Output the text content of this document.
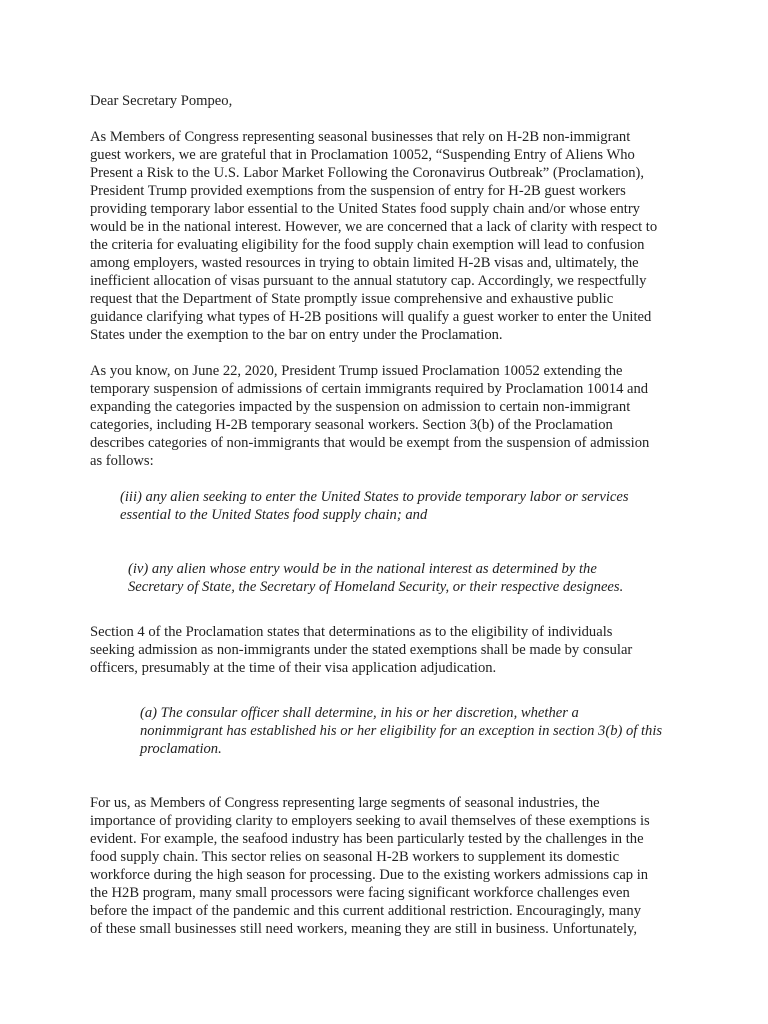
Dear Secretary Pompeo,
As Members of Congress representing seasonal businesses that rely on H-2B non-immigrant
guest workers, we are grateful that in Proclamation 10052, “Suspending Entry of Aliens Who
Present a Risk to the U.S. Labor Market Following the Coronavirus Outbreak” (Proclamation),
President Trump provided exemptions from the suspension of entry for H-2B guest workers
providing temporary labor essential to the United States food supply chain and/or whose entry
would be in the national interest. However, we are concerned that a lack of clarity with respect to
the criteria for evaluating eligibility for the food supply chain exemption will lead to confusion
among employers, wasted resources in trying to obtain limited H-2B visas and, ultimately, the
inefficient allocation of visas pursuant to the annual statutory cap. Accordingly, we respectfully
request that the Department of State promptly issue comprehensive and exhaustive public
guidance clarifying what types of H-2B positions will qualify a guest worker to enter the United
States under the exemption to the bar on entry under the Proclamation.
As you know, on June 22, 2020, President Trump issued Proclamation 10052 extending the
temporary suspension of admissions of certain immigrants required by Proclamation 10014 and
expanding the categories impacted by the suspension on admission to certain non-immigrant
categories, including H-2B temporary seasonal workers. Section 3(b) of the Proclamation
describes categories of non-immigrants that would be exempt from the suspension of admission
as follows:
(iii) any alien seeking to enter the United States to provide temporary labor or services
essential to the United States food supply chain; and
(iv) any alien whose entry would be in the national interest as determined by the
Secretary of State, the Secretary of Homeland Security, or their respective designees.
Section 4 of the Proclamation states that determinations as to the eligibility of individuals
seeking admission as non-immigrants under the stated exemptions shall be made by consular
officers, presumably at the time of their visa application adjudication.
(a) The consular officer shall determine, in his or her discretion, whether a
nonimmigrant has established his or her eligibility for an exception in section 3(b) of this
proclamation.
For us, as Members of Congress representing large segments of seasonal industries, the
importance of providing clarity to employers seeking to avail themselves of these exemptions is
evident. For example, the seafood industry has been particularly tested by the challenges in the
food supply chain. This sector relies on seasonal H-2B workers to supplement its domestic
workforce during the high season for processing. Due to the existing workers admissions cap in
the H2B program, many small processors were facing significant workforce challenges even
before the impact of the pandemic and this current additional restriction. Encouragingly, many
of these small businesses still need workers, meaning they are still in business. Unfortunately,
